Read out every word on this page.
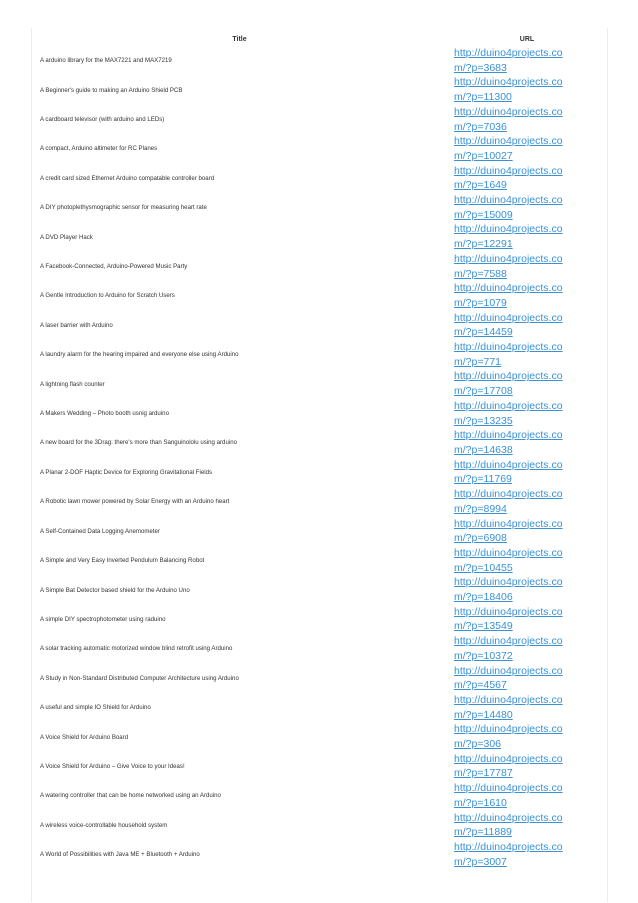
Title	URL
A arduino library for the MAX7221 and MAX7219	http://duino4projects.com/?p=3683

A Beginner's guide to making an Arduino Shield PCB	http://duino4projects.com/?p=11300

A cardboard televisor (with arduino and LEDs)	http://duino4projects.com/?p=7036

A compact, Arduino altimeter for RC Planes	http://duino4projects.com/?p=10027

A credit card sized Ethernet Arduino compatable controller board	http://duino4projects.com/?p=1649

A DIY photoplethysmographic sensor for measuring heart rate	http://duino4projects.com/?p=15009

A DVD Player Hack	http://duino4projects.com/?p=12291

A Facebook-Connected, Arduino-Powered Music Party	http://duino4projects.com/?p=7588

A Gentle Introduction to Arduino for Scratch Users	http://duino4projects.com/?p=1079

A laser barrier with Arduino	http://duino4projects.com/?p=14459

A laundry alarm for the hearing impaired and everyone else using Arduino	http://duino4projects.com/?p=771

A lightning flash counter	http://duino4projects.com/?p=17708

A Makers Wedding – Photo booth usnig arduino	http://duino4projects.com/?p=13235

A new board for the 3Drag: there's more than Sanguinololu using arduino	http://duino4projects.com/?p=14638

A Planar 2-DOF Haptic Device for Exploring Gravitational Fields	http://duino4projects.com/?p=11769

A Robotic lawn mower powered by Solar Energy with an Arduino heart	http://duino4projects.com/?p=8994

A Self-Contained Data Logging Anemometer	http://duino4projects.com/?p=6908

A Simple and Very Easy Inverted Pendulum Balancing Robot	http://duino4projects.com/?p=10455

A Simple Bat Detector based shield for the Arduino Uno	http://duino4projects.com/?p=18406

A simple DIY spectrophotometer using raduino	http://duino4projects.com/?p=13549

A solar tracking automatic motorized window blind retrofit using Arduino	http://duino4projects.com/?p=10372

A Study in Non-Standard Distributed Computer Architecture using Arduino	http://duino4projects.com/?p=4567

A useful and simple IO Shield for Arduino	http://duino4projects.com/?p=14480

A Voice Shield for Arduino Board	http://duino4projects.com/?p=306

A Voice Shield for Arduino – Give Voice to your Ideas!	http://duino4projects.com/?p=17787

A watering controller that can be home networked using an Arduino	http://duino4projects.com/?p=1610

A wireless voice-controllable household system	http://duino4projects.com/?p=11889

A World of Possibilities with Java ME + Bluetooth + Arduino	http://duino4projects.com/?p=3007
